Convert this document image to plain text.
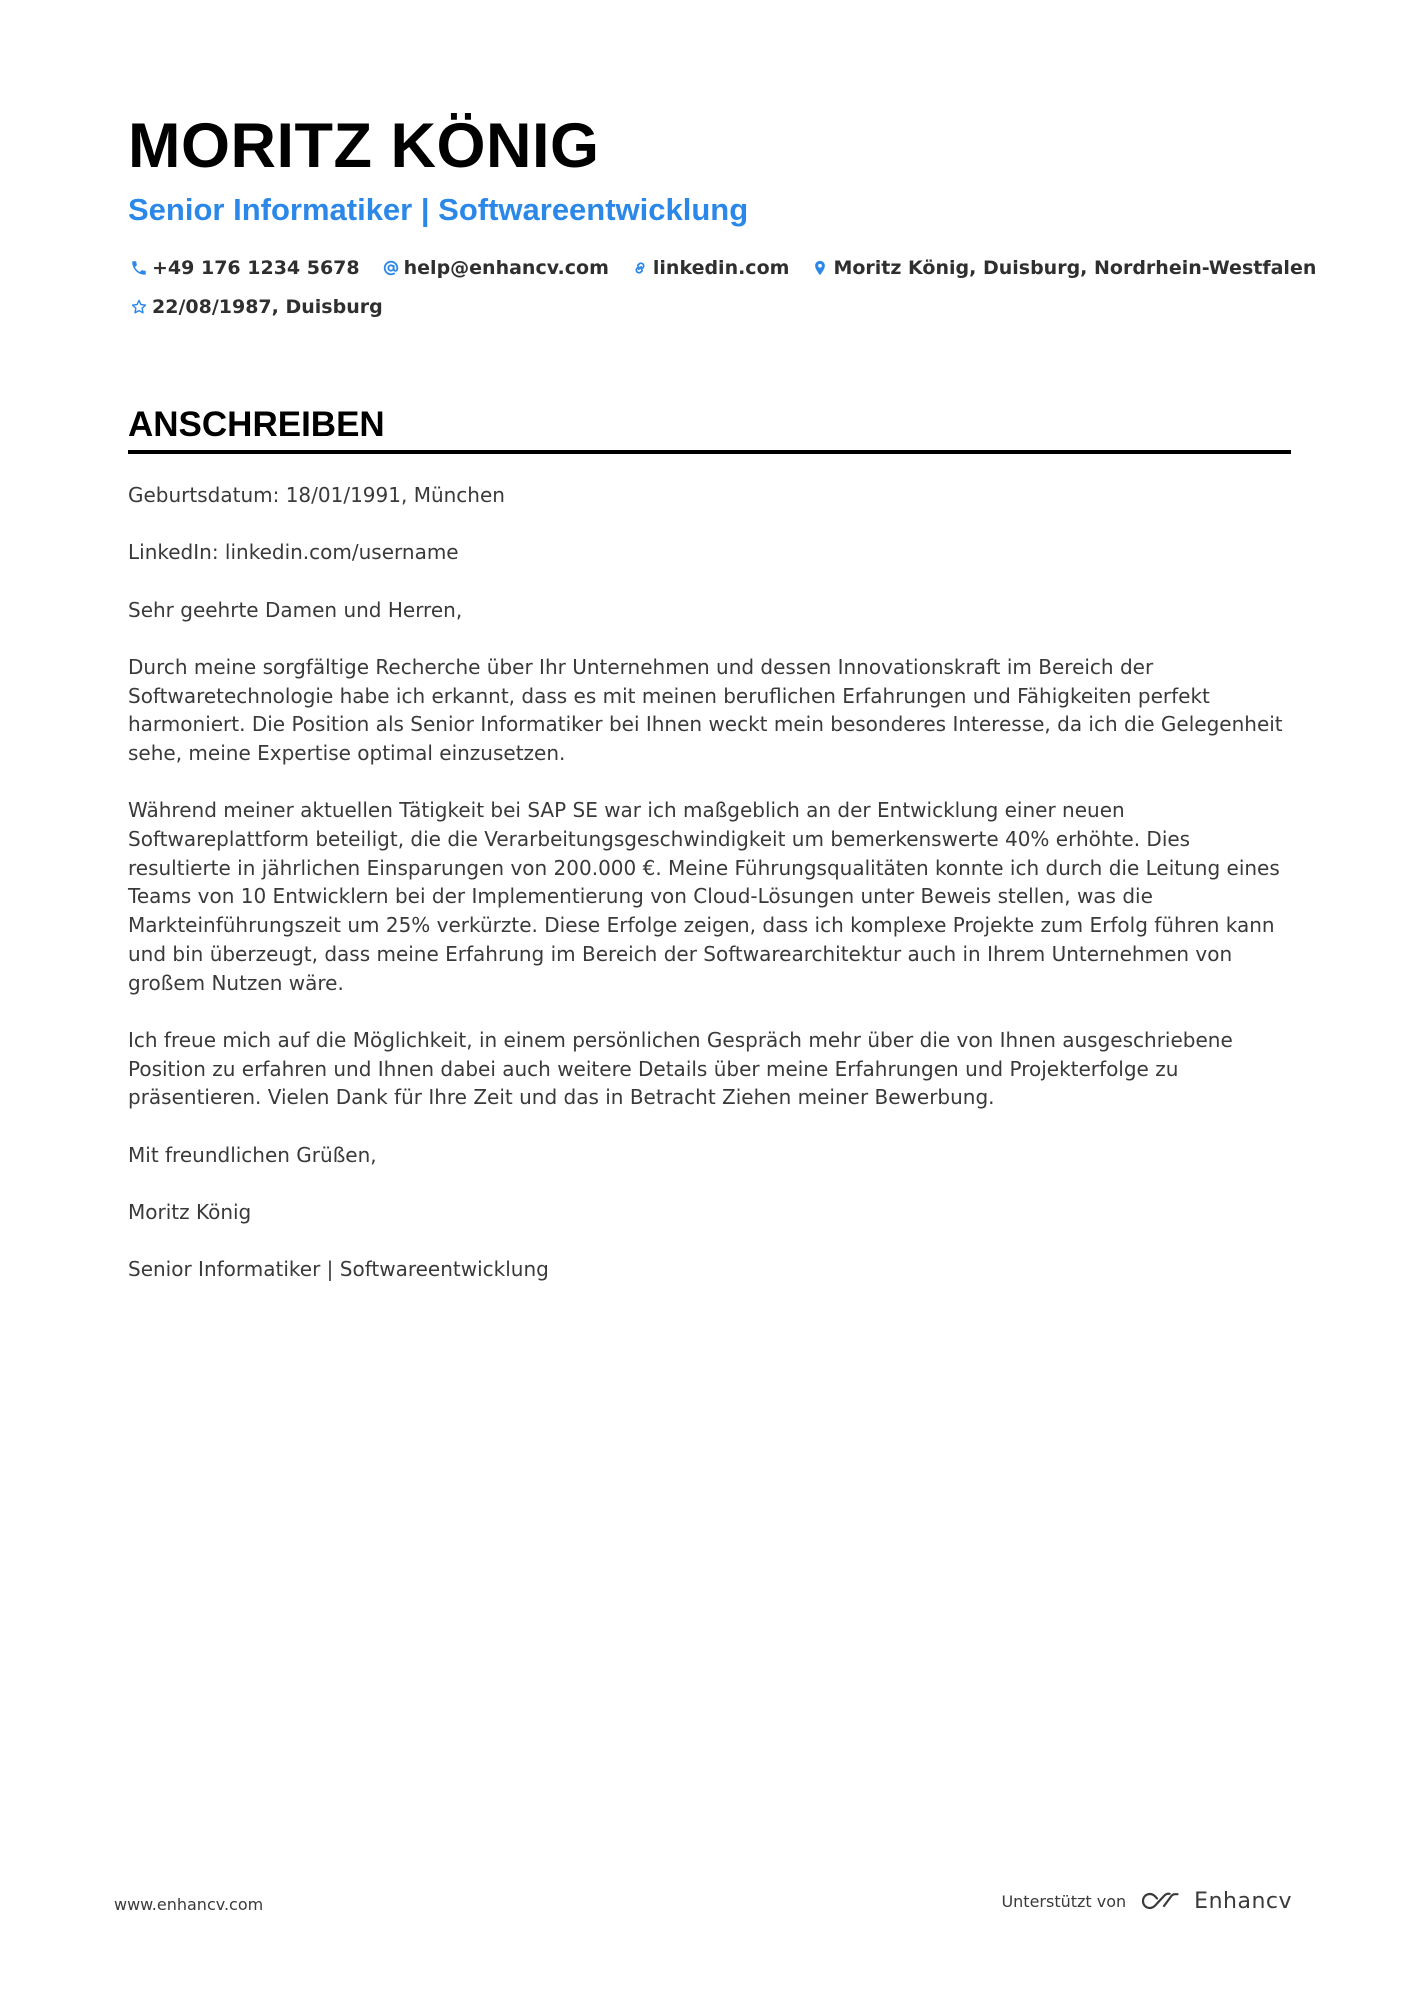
MORITZ KÖNIG
Senior Informatiker | Softwareentwicklung
+49 176 1234 5678 help@enhancv.com linkedin.com Moritz König, Duisburg, Nordrhein-Westfalen
22/08/1987, Duisburg
ANSCHREIBEN

Geburtsdatum: 18/01/1991, München

LinkedIn: linkedin.com/username

Sehr geehrte Damen und Herren,

Durch meine sorgfältige Recherche über Ihr Unternehmen und dessen Innovationskraft im Bereich der Softwaretechnologie habe ich erkannt, dass es mit meinen beruflichen Erfahrungen und Fähigkeiten perfekt harmoniert. Die Position als Senior Informatiker bei Ihnen weckt mein besonderes Interesse, da ich die Gelegenheit sehe, meine Expertise optimal einzusetzen.

Während meiner aktuellen Tätigkeit bei SAP SE war ich maßgeblich an der Entwicklung einer neuen Softwareplattform beteiligt, die die Verarbeitungsgeschwindigkeit um bemerkenswerte 40% erhöhte. Dies resultierte in jährlichen Einsparungen von 200.000 €. Meine Führungsqualitäten konnte ich durch die Leitung eines Teams von 10 Entwicklern bei der Implementierung von Cloud-Lösungen unter Beweis stellen, was die Markteinführungszeit um 25% verkürzte. Diese Erfolge zeigen, dass ich komplexe Projekte zum Erfolg führen kann und bin überzeugt, dass meine Erfahrung im Bereich der Softwarearchitektur auch in Ihrem Unternehmen von großem Nutzen wäre.

Ich freue mich auf die Möglichkeit, in einem persönlichen Gespräch mehr über die von Ihnen ausgeschriebene Position zu erfahren und Ihnen dabei auch weitere Details über meine Erfahrungen und Projekterfolge zu präsentieren. Vielen Dank für Ihre Zeit und das in Betracht Ziehen meiner Bewerbung.

Mit freundlichen Grüßen,

Moritz König

Senior Informatiker | Softwareentwicklung

www.enhancv.com	Unterstützt von	Enhancv
